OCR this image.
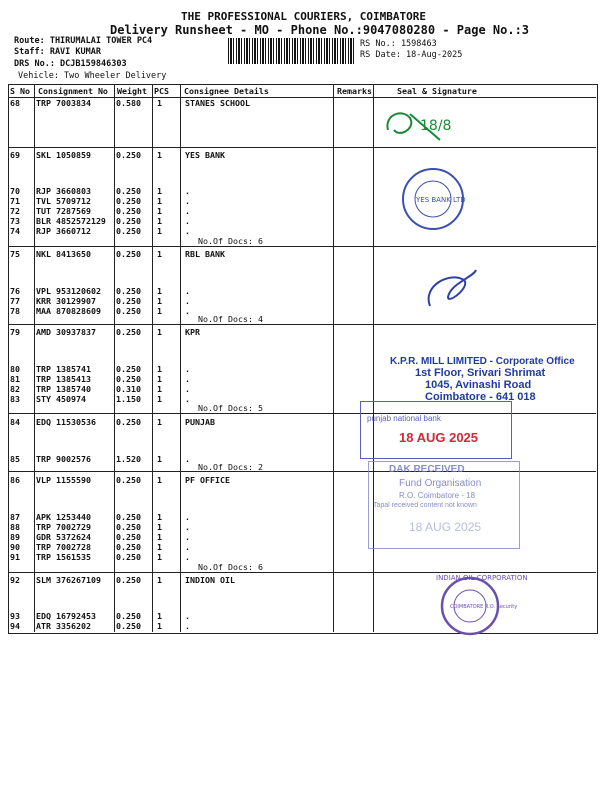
THE PROFESSIONAL COURIERS, COIMBATORE
Delivery Runsheet - MO - Phone No.:9047080280 - Page No.:3
Route: THIRUMALAI TOWER PC4
Staff: RAVI KUMAR
DRS No.: DCJB159846303
Vehicle: Two Wheeler Delivery
RS No.: 1598463
RS Date: 18-Aug-2025
S No Consignment No Weight PCS Consignee Details	Remarks	Seal & Signature
68 TRP 7003834	0.580 1	STANES SCHOOL
69 SKL 1050859	0.250 1	YES BANK
70 RJP 3660803	0.250 1	.
71 TVL 5709712	0.250 1	.
72 TUT 7287569	0.250 1	.
73 BLR 4852572129 0.250 1	.
74 RJP 3660712	0.250 1	.
75 NKL 8413650	0.250 1	RBL BANK
76 VPL 953120602 0.250 1	.
77 KRR 30129907 0.250 1	.
78 MAA 870828609 0.250 1	.
79 AMD 30937837 0.250 1	KPR
80 TRP 1385741	0.250 1	.
81 TRP 1385413	0.250 1	.
82 TRP 1385740	0.310 1	.
83 STY 450974	1.150 1	.
84 EDQ 11530536 0.250 1	PUNJAB
85 TRP 9002576	1.520 1	.
86 VLP 1155590	0.250 1	PF OFFICE
87 APK 1253440	0.250 1	.
88 TRP 7002729	0.250 1	.
89 GDR 5372624	0.250 1	.
90 TRP 7002728	0.250 1	.
91 TRP 1561535	0.250 1	.
92 SLM 376267109 0.250 1	INDION OIL
93 EDQ 16792453 0.250 1	.
94 ATR 3356202	0.250 1	.
No.Of Docs: 6
No.Of Docs: 4
No.Of Docs: 5
No.Of Docs: 2
No.Of Docs: 6
18/8
YES BANK LTD
K.P.R. MILL LIMITED - Corporate Office
1st Floor, Srivari Shrimat
1045, Avinashi Road
Coimbatore - 641 018
punjab national bank
18 AUG 2025
DAK RECEIVED
Fund Organisation
R.O. Coimbatore - 18
Tapal received content not known
18 AUG 2025
INDIAN OIL CORPORATION
COIMBATORE R.O. Security
